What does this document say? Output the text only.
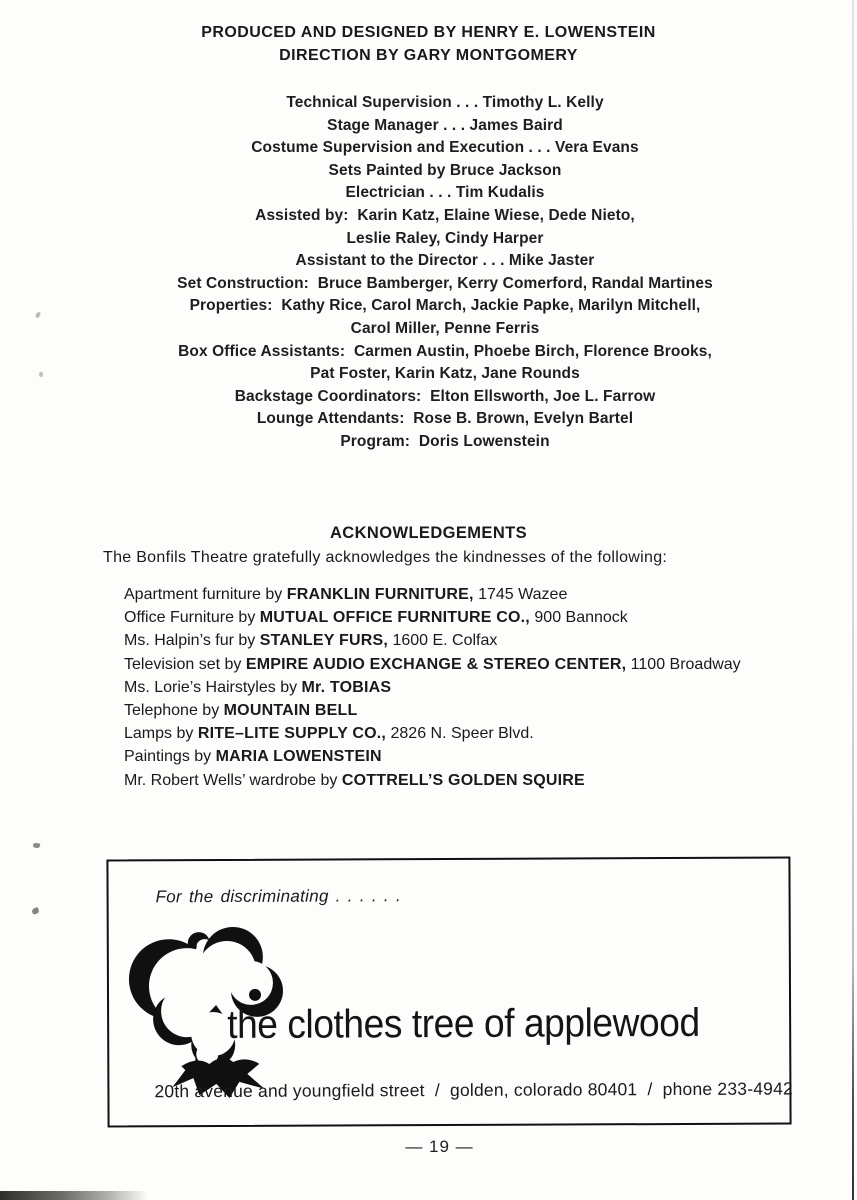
PRODUCED AND DESIGNED BY HENRY E. LOWENSTEIN
DIRECTION BY GARY MONTGOMERY
Technical Supervision . . . Timothy L. Kelly
Stage Manager . . . James Baird
Costume Supervision and Execution . . . Vera Evans
Sets Painted by Bruce Jackson
Electrician . . . Tim Kudalis
Assisted by:  Karin Katz, Elaine Wiese, Dede Nieto,
Leslie Raley, Cindy Harper
Assistant to the Director . . . Mike Jaster
Set Construction:  Bruce Bamberger, Kerry Comerford, Randal Martines
Properties:  Kathy Rice, Carol March, Jackie Papke, Marilyn Mitchell,
Carol Miller, Penne Ferris
Box Office Assistants:  Carmen Austin, Phoebe Birch, Florence Brooks,
Pat Foster, Karin Katz, Jane Rounds
Backstage Coordinators:  Elton Ellsworth, Joe L. Farrow
Lounge Attendants:  Rose B. Brown, Evelyn Bartel
Program:  Doris Lowenstein
ACKNOWLEDGEMENTS
The Bonfils Theatre gratefully acknowledges the kindnesses of the following:
Apartment furniture by FRANKLIN FURNITURE, 1745 Wazee
Office Furniture by MUTUAL OFFICE FURNITURE CO., 900 Bannock
Ms. Halpin’s fur by STANLEY FURS, 1600 E. Colfax
Television set by EMPIRE AUDIO EXCHANGE & STEREO CENTER, 1100 Broadway
Ms. Lorie’s Hairstyles by Mr. TOBIAS
Telephone by MOUNTAIN BELL
Lamps by RITE–LITE SUPPLY CO., 2826 N. Speer Blvd.
Paintings by MARIA LOWENSTEIN
Mr. Robert Wells’ wardrobe by COTTRELL’S GOLDEN SQUIRE
For the discriminating . . . . . .
the clothes tree of applewood
20th avenue and youngfield street  /  golden, colorado 80401  /  phone 233-4942
— 19 —
